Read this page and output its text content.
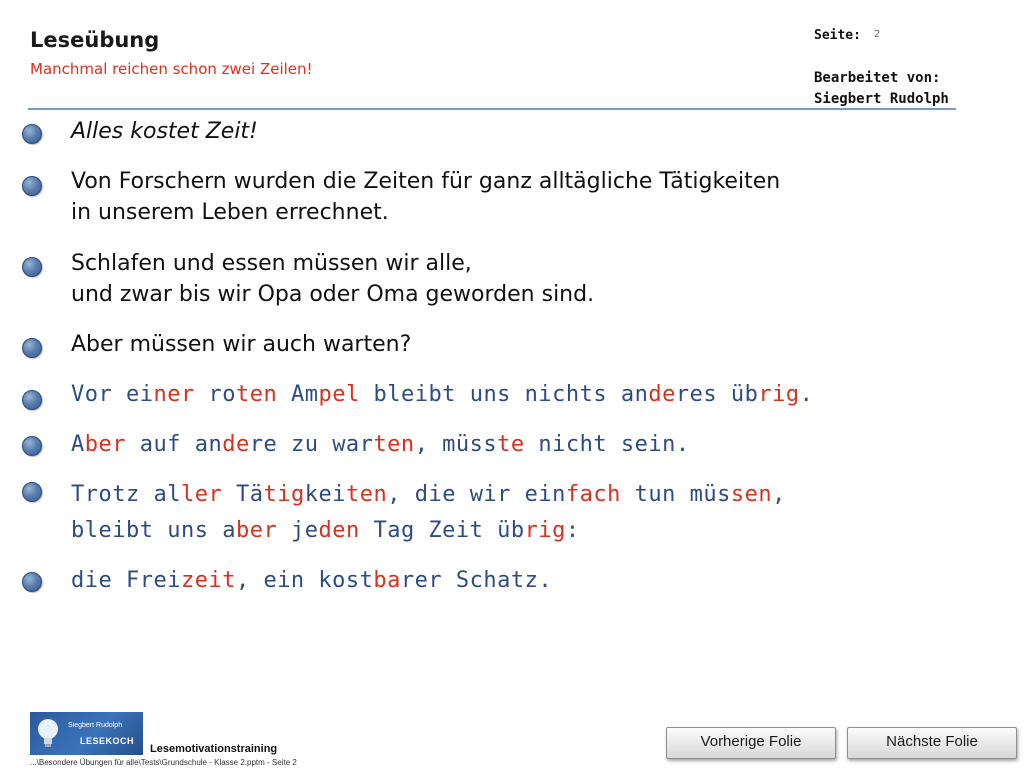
Leseübung
Manchmal reichen schon zwei Zeilen!
Seite: 2
Bearbeitet von:
Siegbert Rudolph
Alles kostet Zeit!
Von Forschern wurden die Zeiten für ganz alltägliche Tätigkeiten
in unserem Leben errechnet.
Schlafen und essen müssen wir alle,
und zwar bis wir Opa oder Oma geworden sind.
Aber müssen wir auch warten?
Vor einer roten Ampel bleibt uns nichts anderes übrig.
Aber auf andere zu warten, müsste nicht sein.
Trotz aller Tätigkeiten, die wir einfach tun müssen,
bleibt uns aber jeden Tag Zeit übrig:
die Freizeit, ein kostbarer Schatz.
Siegbert Rudolph
LESEKOCH
Lesemotivationstraining
...\Besondere Übungen für alle\Tests\Grundschule - Klasse 2.pptm - Seite 2
Vorherige Folie	Nächste Folie
